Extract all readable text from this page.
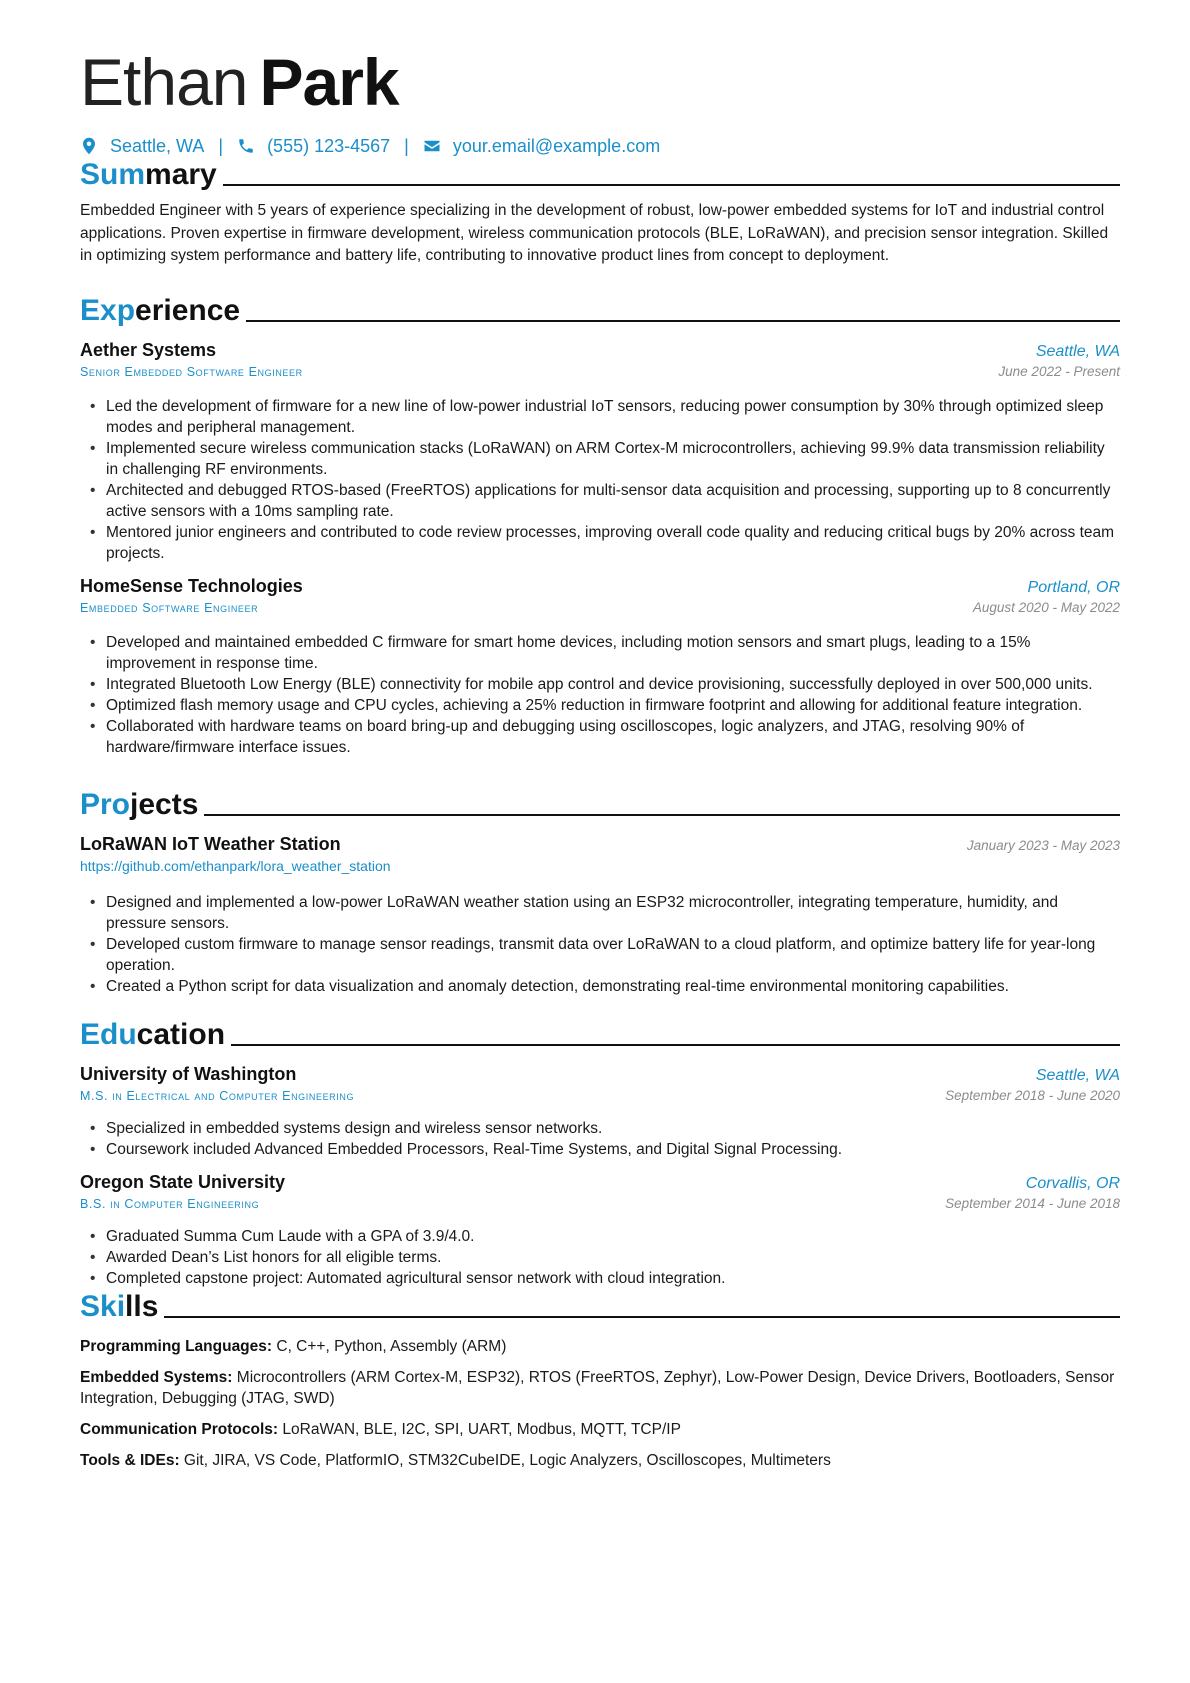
Ethan Park
Seattle, WA | (555) 123-4567 | your.email@example.com
Summary
Embedded Engineer with 5 years of experience specializing in the development of robust, low-power embedded systems for IoT and industrial control applications. Proven expertise in firmware development, wireless communication protocols (BLE, LoRaWAN), and precision sensor integration. Skilled in optimizing system performance and battery life, contributing to innovative product lines from concept to deployment.
Experience
Aether Systems	Seattle, WA
Senior Embedded Software Engineer	June 2022 - Present
• Led the development of firmware for a new line of low-power industrial IoT sensors, reducing power consumption by 30% through optimized sleep modes and peripheral management.
• Implemented secure wireless communication stacks (LoRaWAN) on ARM Cortex-M microcontrollers, achieving 99.9% data transmission reliability in challenging RF environments.
• Architected and debugged RTOS-based (FreeRTOS) applications for multi-sensor data acquisition and processing, supporting up to 8 concurrently active sensors with a 10ms sampling rate.
• Mentored junior engineers and contributed to code review processes, improving overall code quality and reducing critical bugs by 20% across team projects.
HomeSense Technologies	Portland, OR
Embedded Software Engineer	August 2020 - May 2022
• Developed and maintained embedded C firmware for smart home devices, including motion sensors and smart plugs, leading to a 15% improvement in response time.
• Integrated Bluetooth Low Energy (BLE) connectivity for mobile app control and device provisioning, successfully deployed in over 500,000 units.
• Optimized flash memory usage and CPU cycles, achieving a 25% reduction in firmware footprint and allowing for additional feature integration.
• Collaborated with hardware teams on board bring-up and debugging using oscilloscopes, logic analyzers, and JTAG, resolving 90% of hardware/firmware interface issues.
Projects
LoRaWAN IoT Weather Station	January 2023 - May 2023
https://github.com/ethanpark/lora_weather_station
• Designed and implemented a low-power LoRaWAN weather station using an ESP32 microcontroller, integrating temperature, humidity, and pressure sensors.
• Developed custom firmware to manage sensor readings, transmit data over LoRaWAN to a cloud platform, and optimize battery life for year-long operation.
• Created a Python script for data visualization and anomaly detection, demonstrating real-time environmental monitoring capabilities.
Education
University of Washington	Seattle, WA
M.S. in Electrical and Computer Engineering	September 2018 - June 2020
• Specialized in embedded systems design and wireless sensor networks.
• Coursework included Advanced Embedded Processors, Real-Time Systems, and Digital Signal Processing.
Oregon State University	Corvallis, OR
B.S. in Computer Engineering	September 2014 - June 2018
• Graduated Summa Cum Laude with a GPA of 3.9/4.0.
• Awarded Dean’s List honors for all eligible terms.
• Completed capstone project: Automated agricultural sensor network with cloud integration.
Skills
Programming Languages: C, C++, Python, Assembly (ARM)
Embedded Systems: Microcontrollers (ARM Cortex-M, ESP32), RTOS (FreeRTOS, Zephyr), Low-Power Design, Device Drivers, Bootloaders, Sensor Integration, Debugging (JTAG, SWD)
Communication Protocols: LoRaWAN, BLE, I2C, SPI, UART, Modbus, MQTT, TCP/IP
Tools & IDEs: Git, JIRA, VS Code, PlatformIO, STM32CubeIDE, Logic Analyzers, Oscilloscopes, Multimeters
